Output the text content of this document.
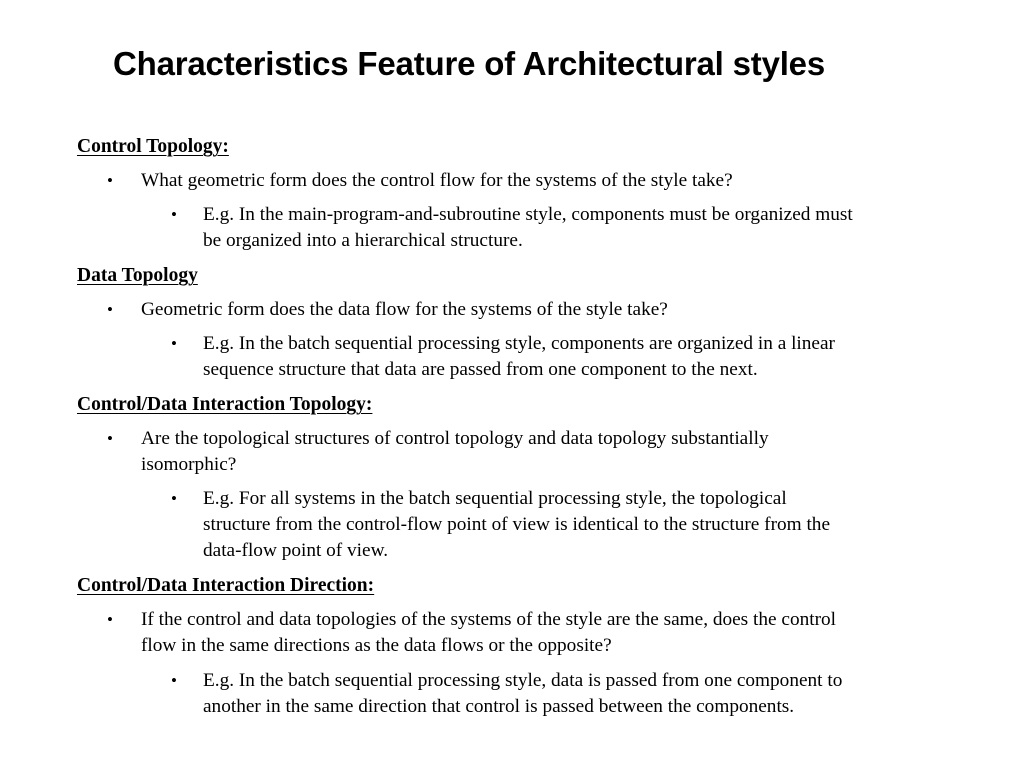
Characteristics Feature of Architectural styles
Control Topology:
• What geometric form does the control flow for the systems of the style take?
• E.g. In the main-program-and-subroutine style, components must be organized must
be organized into a hierarchical structure.
Data Topology
• Geometric form does the data flow for the systems of the style take?
• E.g. In the batch sequential processing style, components are organized in a linear
sequence structure that data are passed from one component to the next.
Control/Data Interaction Topology:
• Are the topological structures of control topology and data topology substantially
isomorphic?
• E.g. For all systems in the batch sequential processing style, the topological
structure from the control-flow point of view is identical to the structure from the
data-flow point of view.
Control/Data Interaction Direction:
• If the control and data topologies of the systems of the style are the same, does the control
flow in the same directions as the data flows or the opposite?
• E.g. In the batch sequential processing style, data is passed from one component to
another in the same direction that control is passed between the components.
